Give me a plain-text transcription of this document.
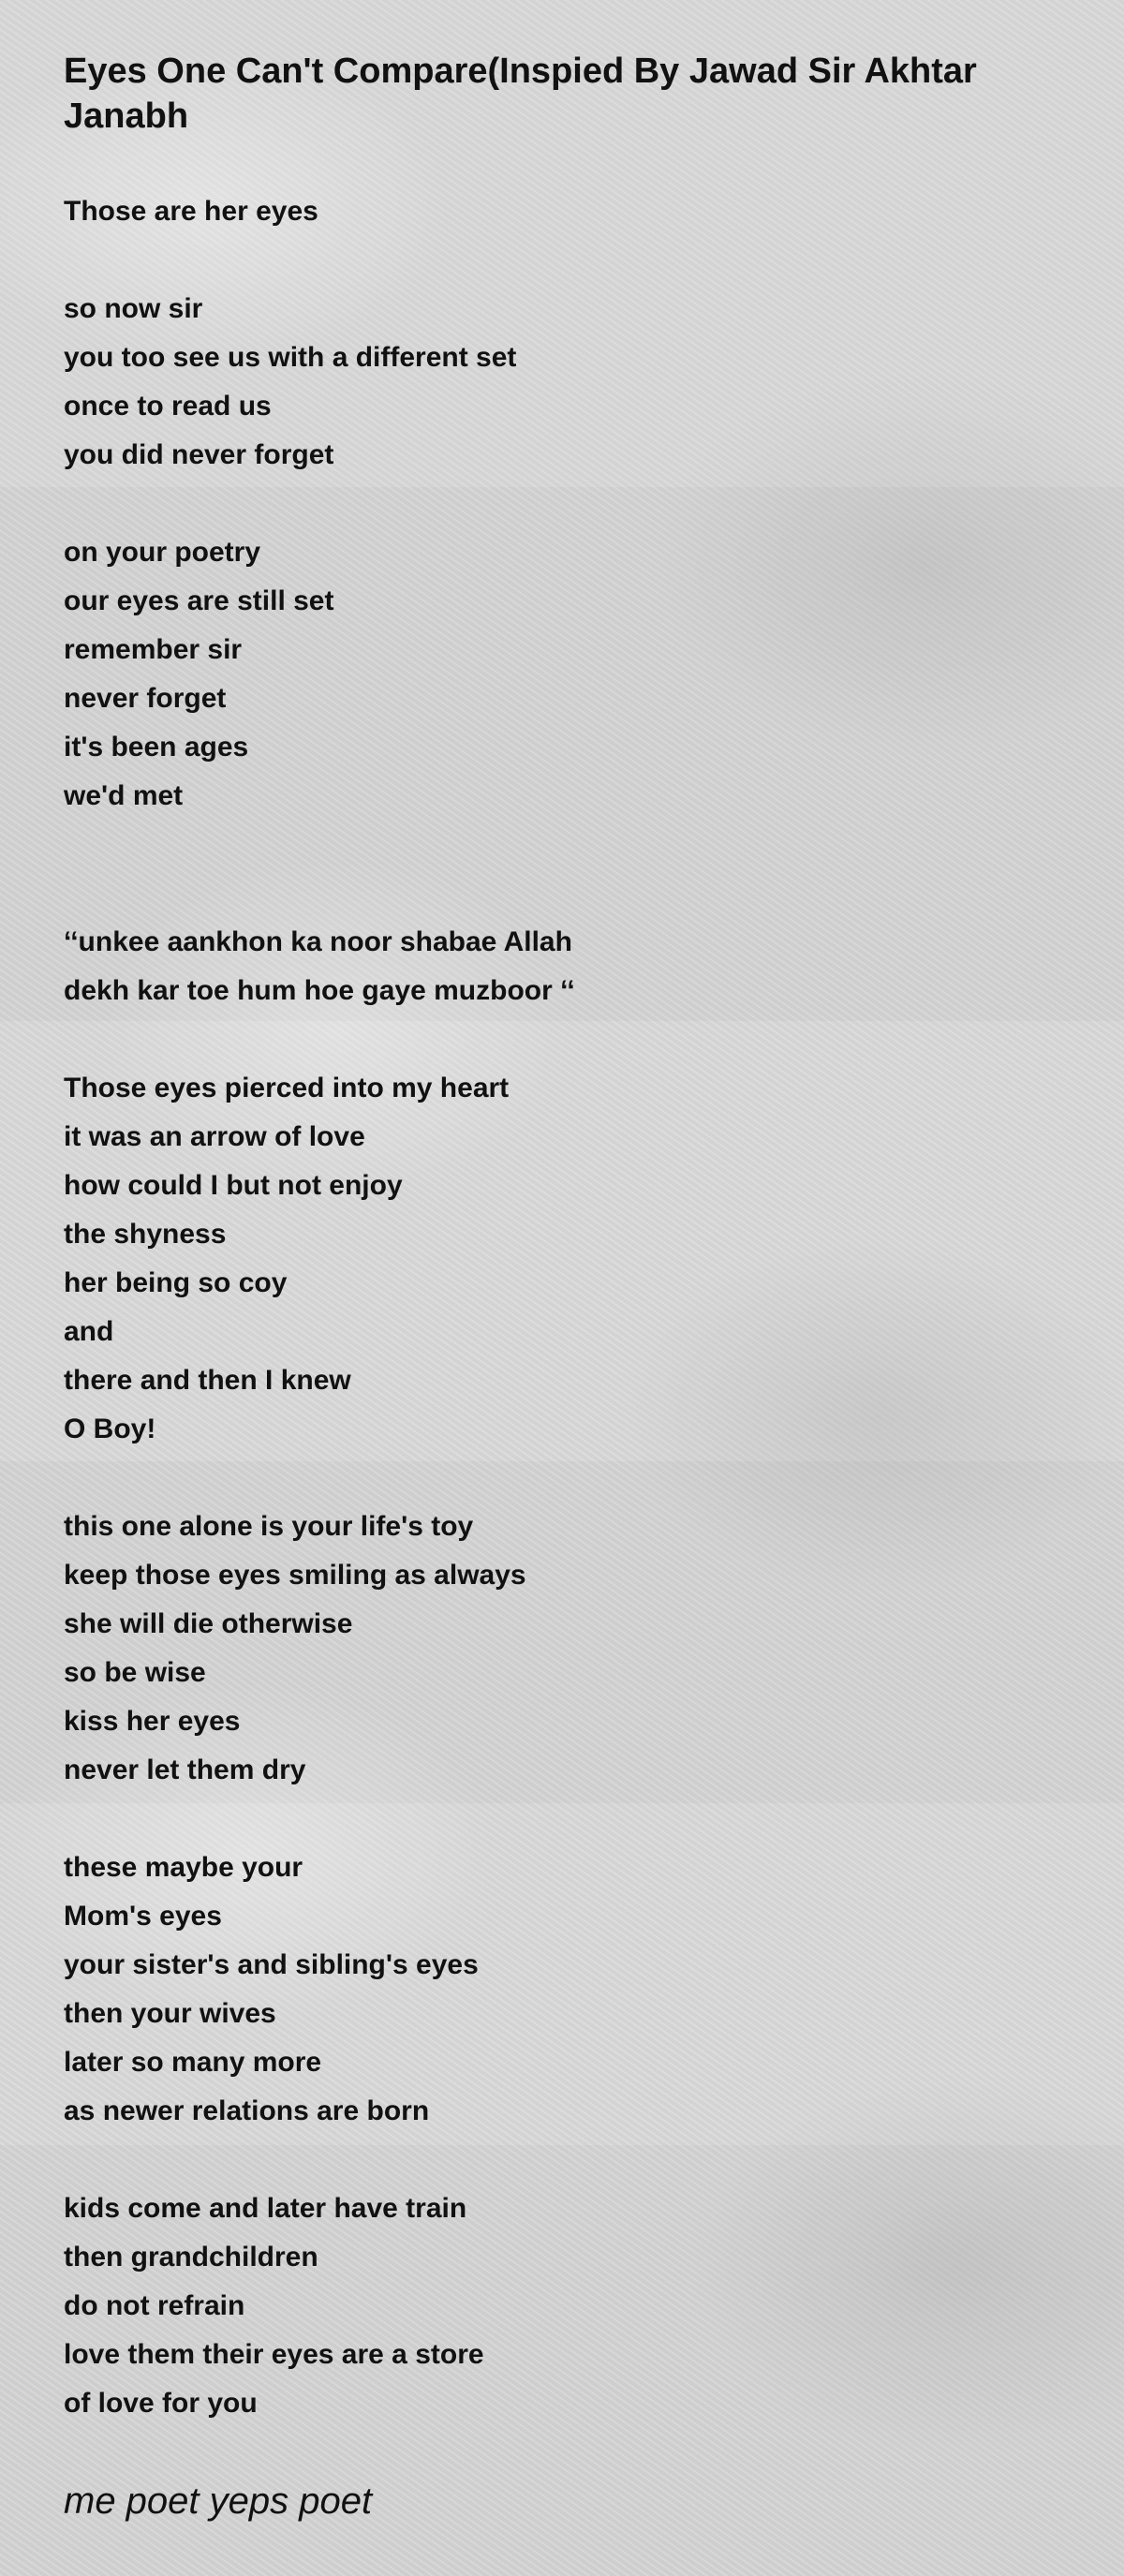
Eyes One Can't Compare(Inspied By Jawad Sir Akhtar Janabh
Those are her eyes
so now sir
you too see us with a different set
once to read us
you did never forget
on your poetry
our eyes are still set
remember sir
never forget
it's been ages
we'd met
‘‘unkee aankhon ka noor shabae Allah
dekh kar toe hum hoe gaye muzboor ‘‘
Those eyes pierced into my heart
it was an arrow of love
how could I but not enjoy
the shyness
her being so coy
and
there and then I knew
O Boy!
this one alone is your life's toy
keep those eyes smiling as always
she will die otherwise
so be wise
kiss her eyes
never let them dry
these maybe your
Mom's eyes
your sister's and sibling's eyes
then your wives
later so many more
as newer relations are born
kids come and later have train
then grandchildren
do not refrain
love them their eyes are a store
of love for you
me poet yeps poet
